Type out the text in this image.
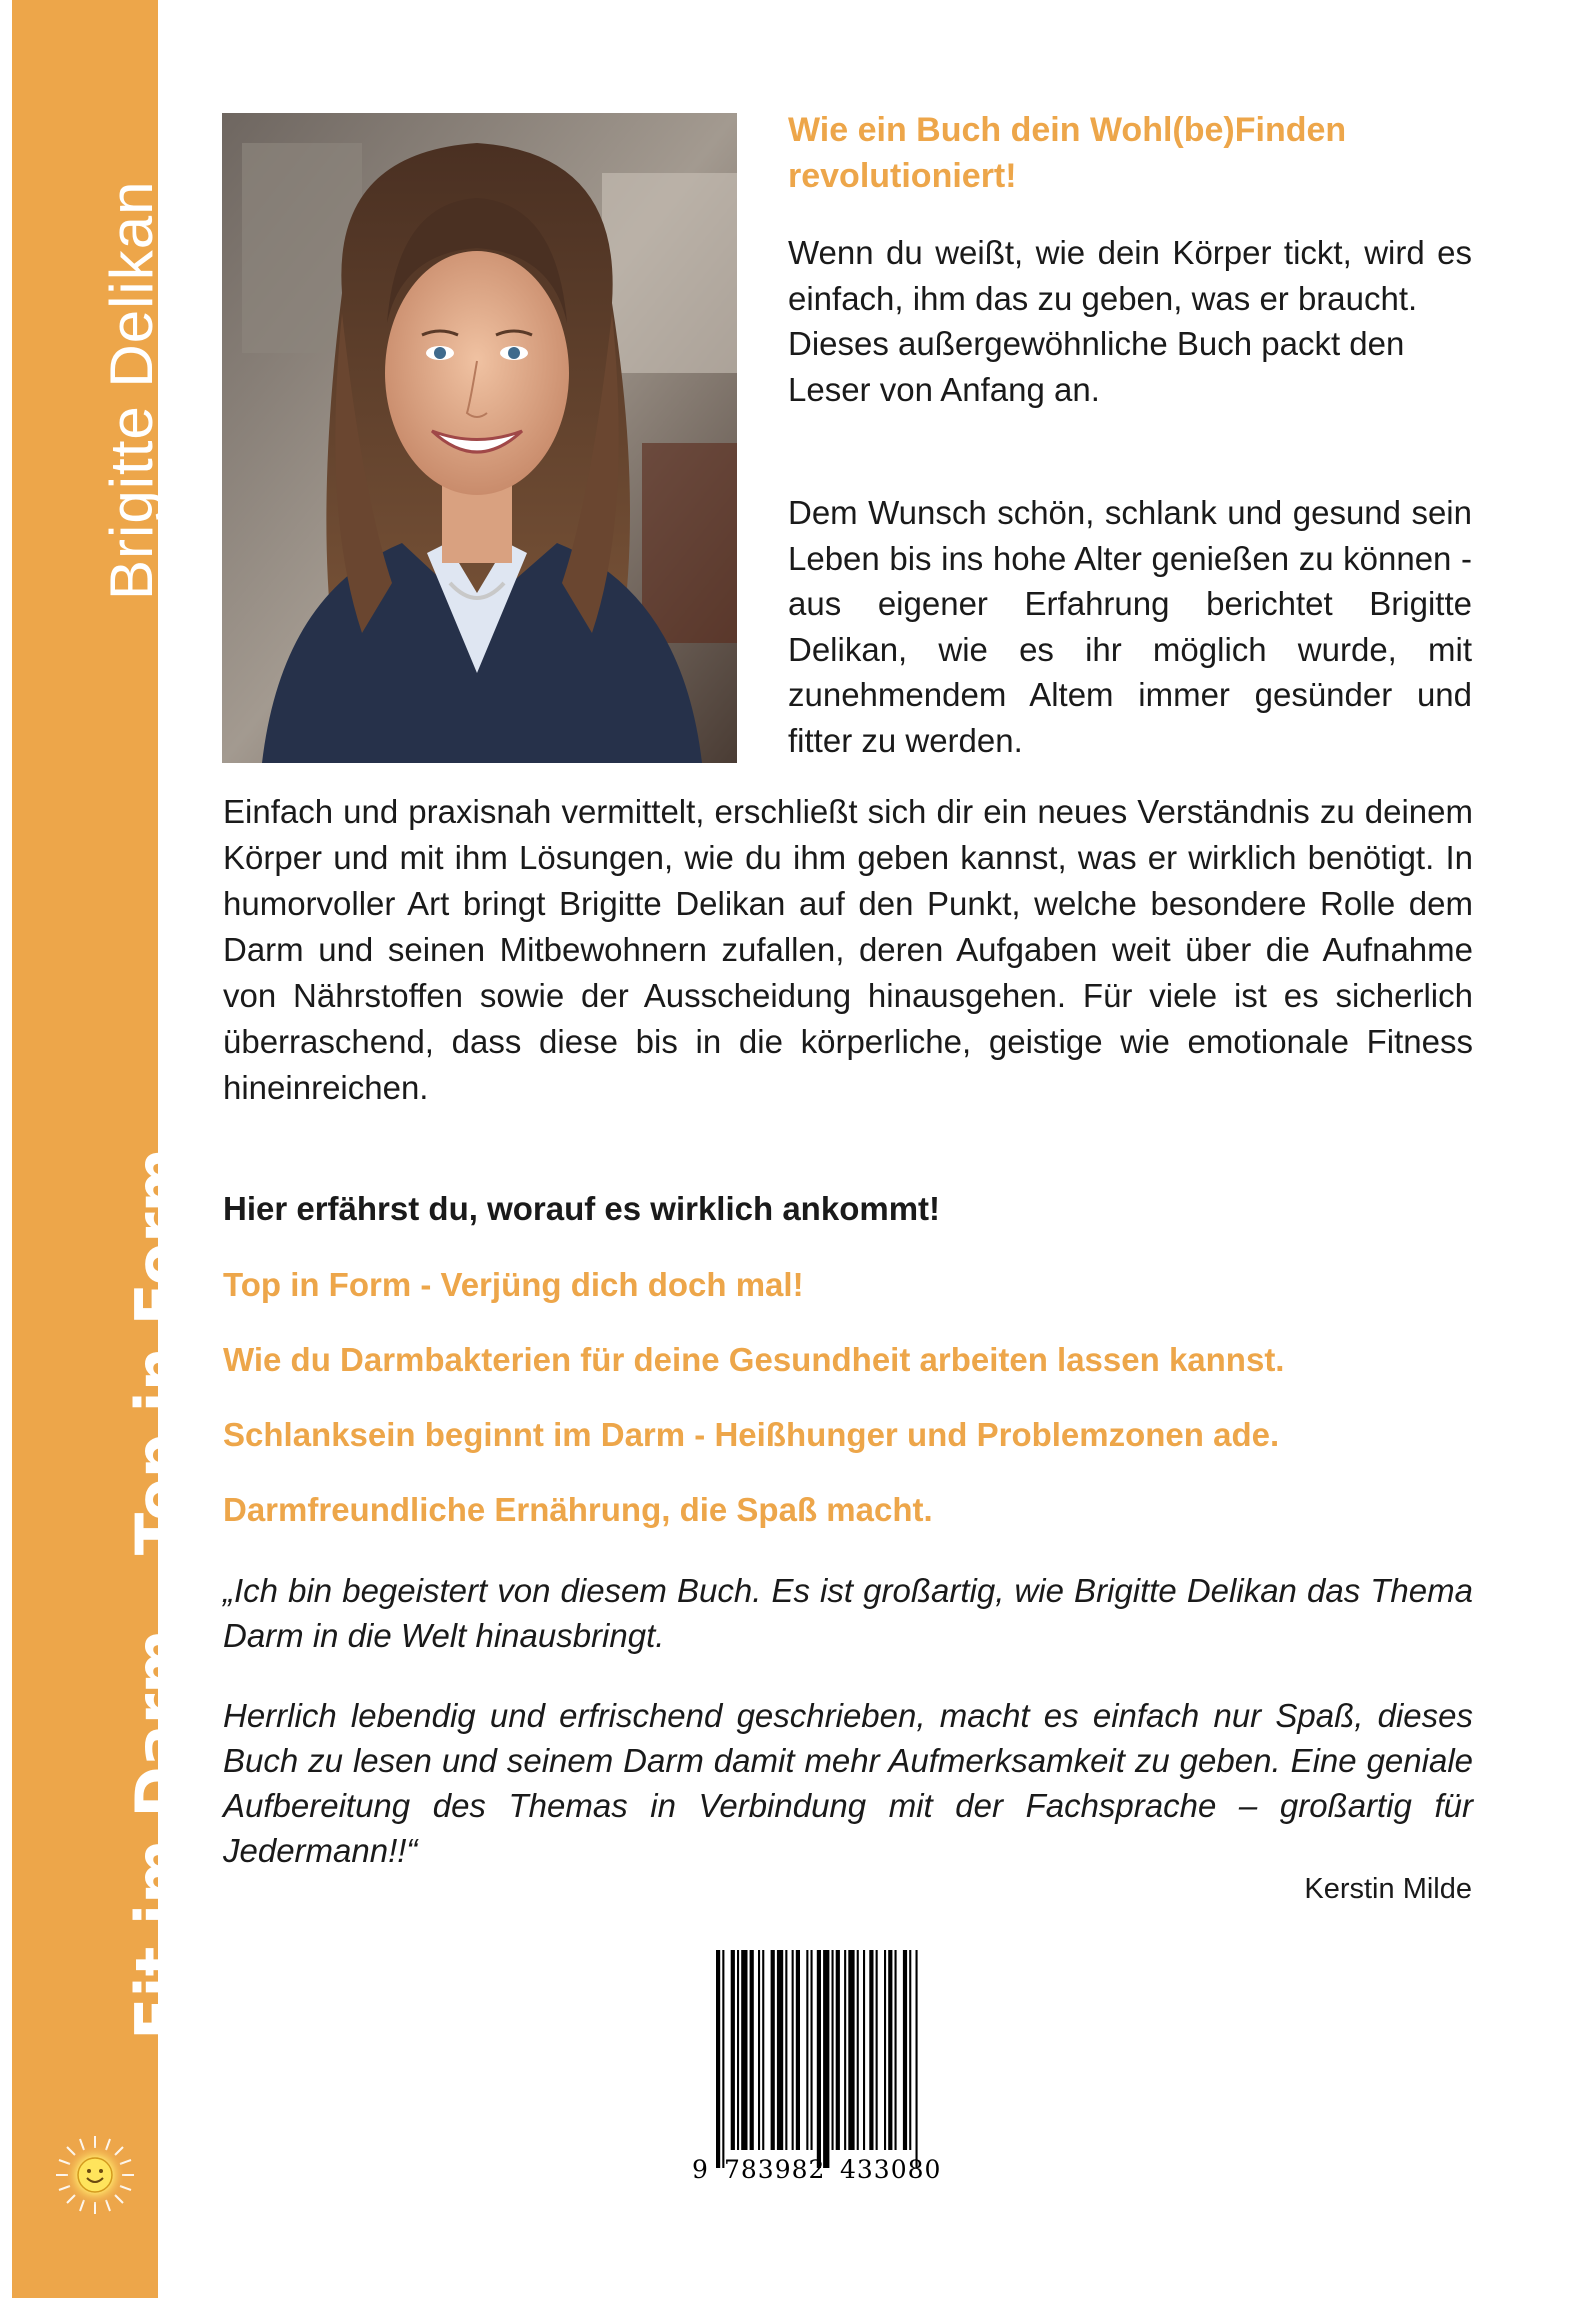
Brigitte Delikan
Fit im Darm – Top in Form

Wie ein Buch dein Wohl(be)Finden revolutioniert!

Wenn du weißt, wie dein Körper tickt, wird es einfach, ihm das zu geben, was er braucht.

Dieses außergewöhnliche Buch packt den Leser von Anfang an.

Dem Wunsch schön, schlank und gesund sein Leben bis ins hohe Alter genießen zu können - aus eigener Erfahrung berichtet Brigitte Delikan, wie es ihr möglich wurde, mit zunehmendem Altem immer gesünder und fitter zu werden.

Einfach und praxisnah vermittelt, erschließt sich dir ein neues Verständnis zu deinem Körper und mit ihm Lösungen, wie du ihm geben kannst, was er wirklich benötigt. In humorvoller Art bringt Brigitte Delikan auf den Punkt, welche besondere Rolle dem Darm und seinen Mitbewohnern zufallen, deren Aufgaben weit über die Aufnahme von Nährstoffen sowie der Ausscheidung hinausgehen. Für viele ist es sicherlich überraschend, dass diese bis in die körperliche, geistige wie emotionale Fitness hineinreichen.

Hier erfährst du, worauf es wirklich ankommt!

Top in Form - Verjüng dich doch mal!

Wie du Darmbakterien für deine Gesundheit arbeiten lassen kannst.

Schlanksein beginnt im Darm - Heißhunger und Problemzonen ade.

Darmfreundliche Ernährung, die Spaß macht.

„Ich bin begeistert von diesem Buch. Es ist großartig, wie Brigitte Delikan das Thema Darm in die Welt hinausbringt.

Herrlich lebendig und erfrischend geschrieben, macht es einfach nur Spaß, dieses Buch zu lesen und seinem Darm damit mehr Aufmerksamkeit zu geben. Eine geniale Aufbereitung des Themas in Verbindung mit der Fachsprache – großartig für Jedermann!!“

Kerstin Milde

9 783982 433080
